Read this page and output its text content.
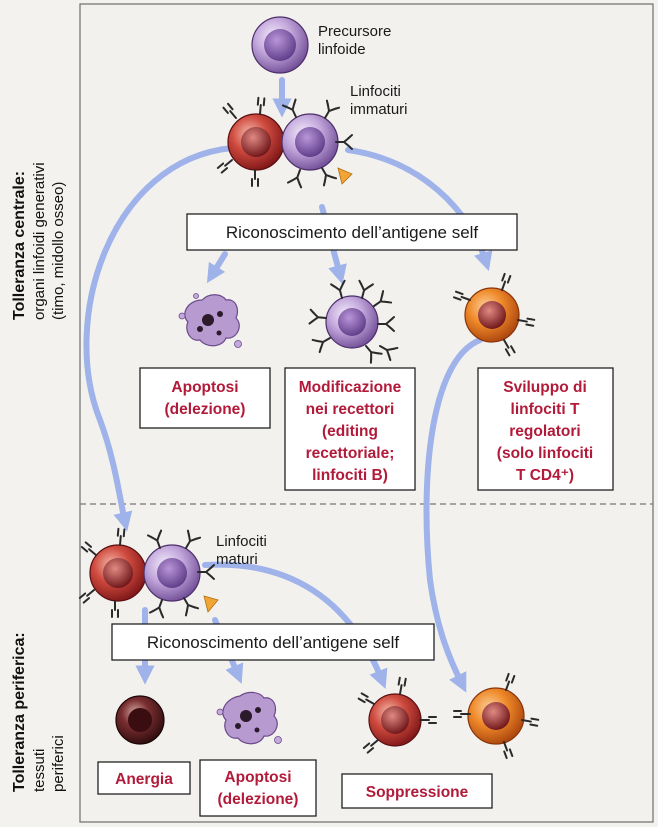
Tolleranza centrale: organi linfoidi generativi (timo, midollo osseo)
Tolleranza periferica: tessuti periferici
Precursore
linfoide
Linfociti
immaturi
Riconoscimento dell’antigene self
Apoptosi
(delezione)
Modificazione
nei recettori
(editing
recettoriale;
linfociti B)
Sviluppo di
linfociti T
regolatori
(solo linfociti
T CD4⁺)
Linfociti
maturi
Riconoscimento dell’antigene self
Anergia	Apoptosi
(delezione)	Soppressione
